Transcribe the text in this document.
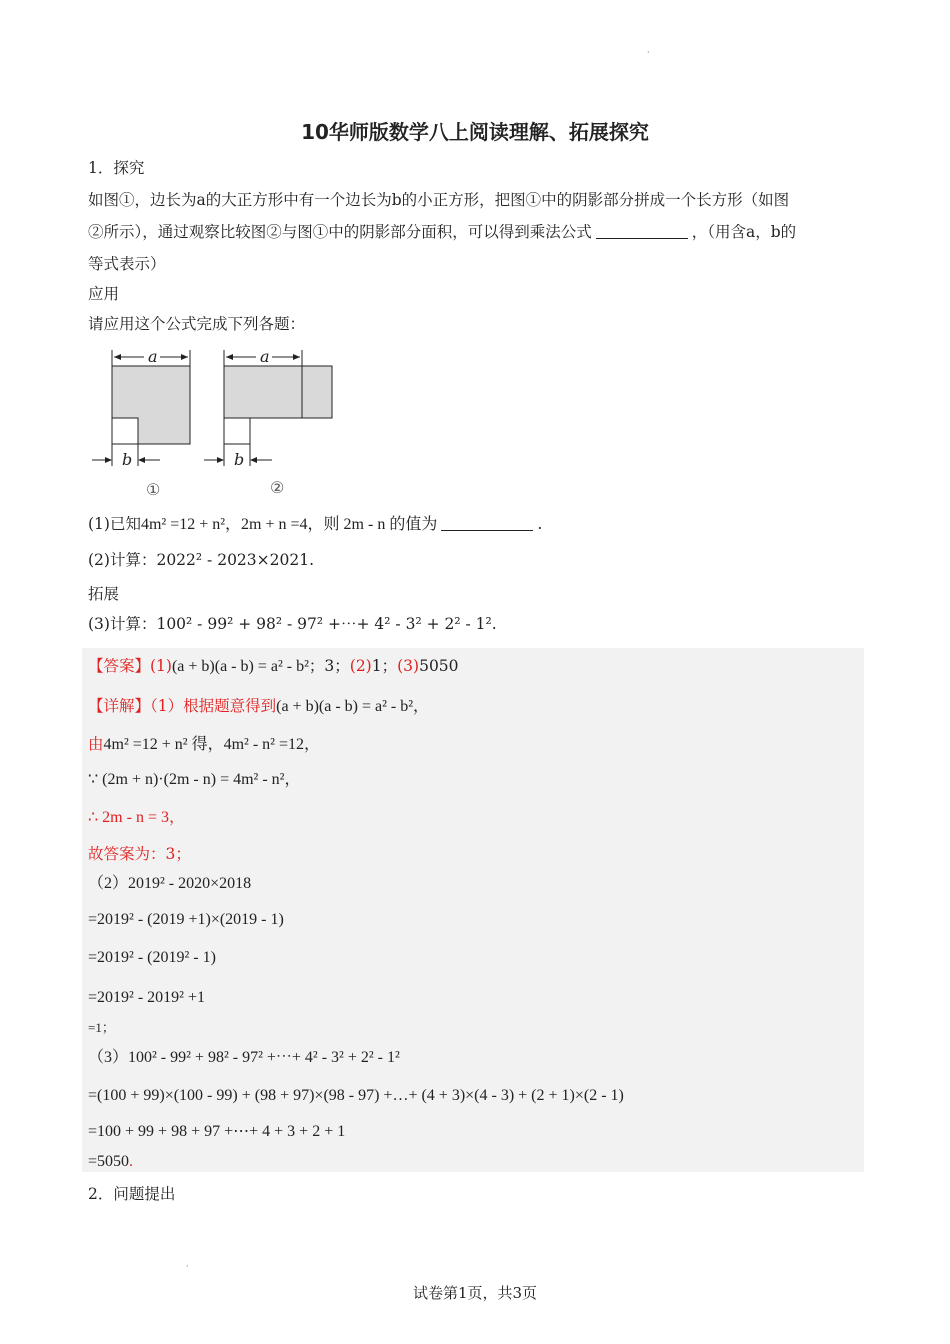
·
10华师版数学八上阅读理解、拓展探究
1．探究
如图①，边长为a的大正方形中有一个边长为b的小正方形，把图①中的阴影部分拼成一个长方形（如图
②所示），通过观察比较图②与图①中的阴影部分面积，可以得到乘法公式	，（用含a，b的
等式表示）
应用
请应用这个公式完成下列各题：
a
b
①
a
b
②
(1)已知4m² =12 + n²，2m + n =4，则 2m - n 的值为	.
(2)计算：2022² - 2023×2021.
拓展
(3)计算：100² - 99² + 98² - 97² +⋯+ 4² - 3² + 2² - 1².
【答案】(1)(a + b)(a - b) = a² - b²；3；(2)1；(3)5050
【详解】（1）根据题意得到(a + b)(a - b) = a² - b²，
由4m² =12 + n² 得，4m² - n² =12，
∵ (2m + n)·(2m - n) = 4m² - n²，
∴ 2m - n = 3，
故答案为：3；
（2）2019² - 2020×2018
=2019² - (2019 +1)×(2019 - 1)
=2019² - (2019² - 1)
=2019² - 2019² +1
=1；
（3）100² - 99² + 98² - 97² +⋯+ 4² - 3² + 2² - 1²
=(100 + 99)×(100 - 99) + (98 + 97)×(98 - 97) +…+ (4 + 3)×(4 - 3) + (2 + 1)×(2 - 1)
=100 + 99 + 98 + 97 +⋯+ 4 + 3 + 2 + 1
=5050.
2．问题提出
·
试卷第1页，共3页
